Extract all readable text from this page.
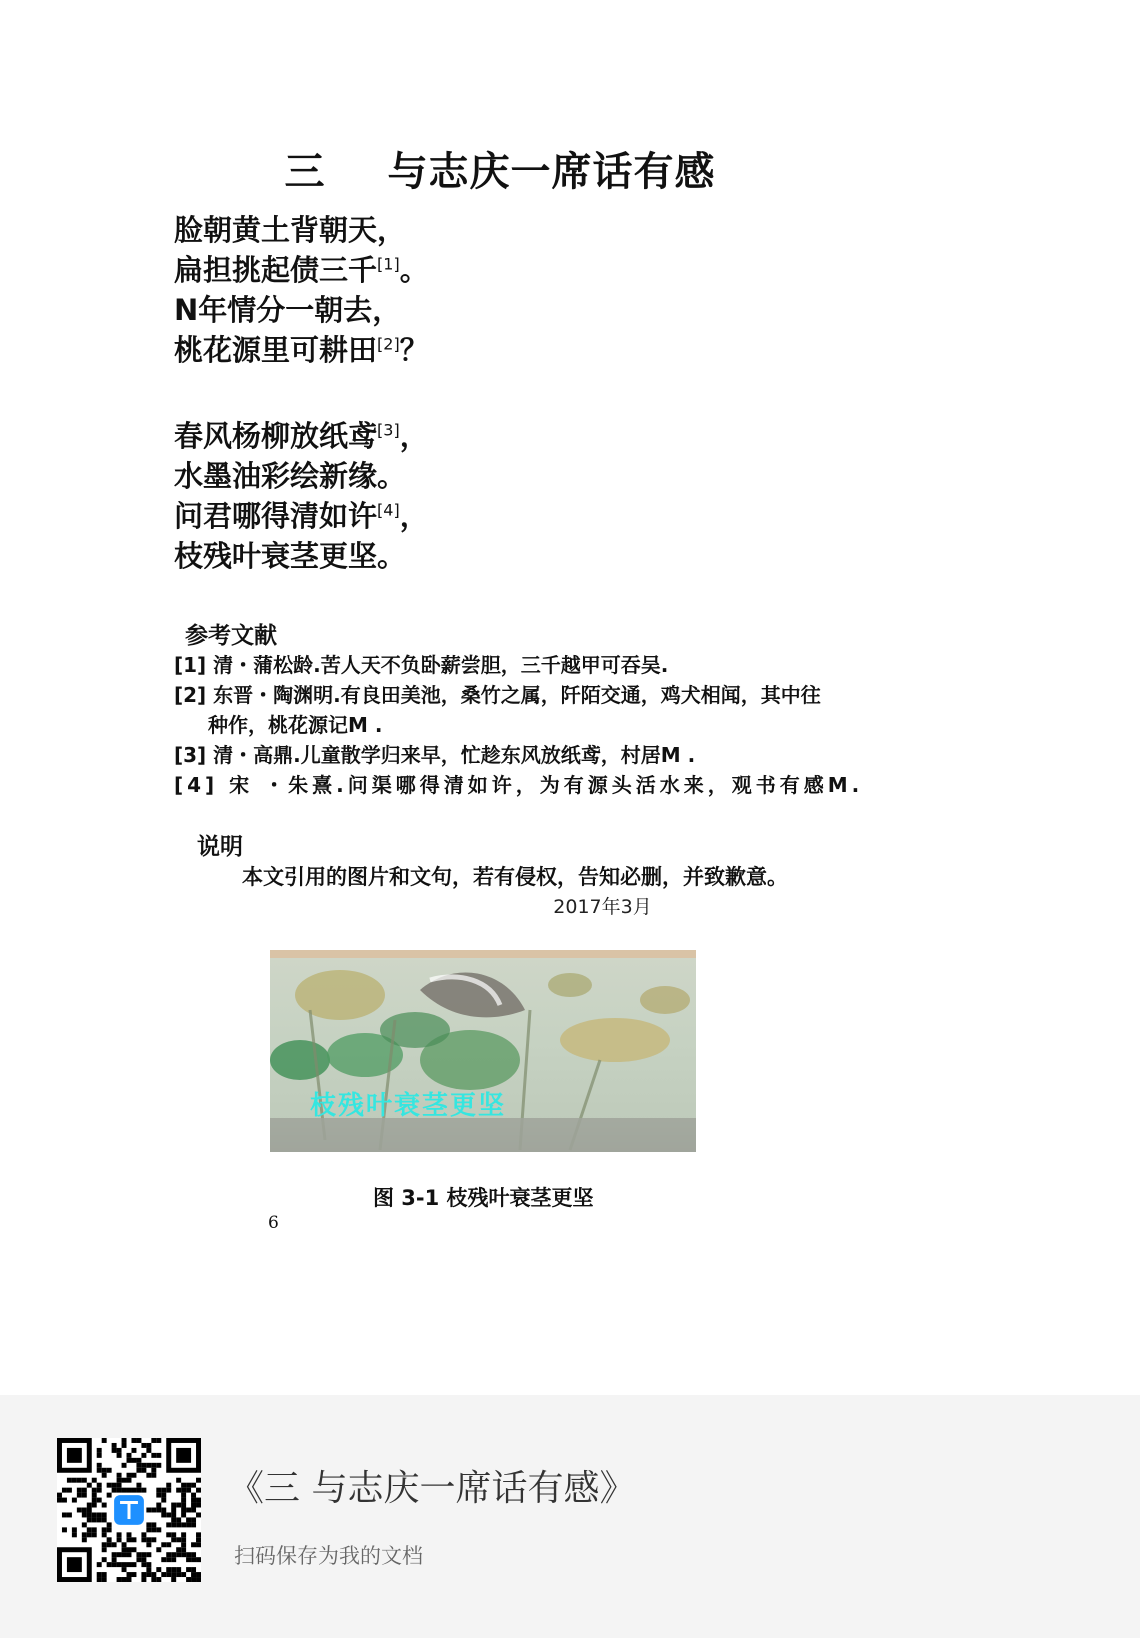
三 与志庆一席话有感
脸朝黄土背朝天，
扁担挑起债三千[1]。
N年情分一朝去，
桃花源里可耕田[2]？
春风杨柳放纸鸢[3]，
水墨油彩绘新缘。
问君哪得清如许[4]，
枝残叶衰茎更坚。
参考文献
[1] 清・蒲松龄.苦人天不负卧薪尝胆，三千越甲可吞吴.
[2] 东晋・陶渊明.有良田美池，桑竹之属，阡陌交通，鸡犬相闻，其中往
种作，桃花源记M .
[3] 清・高鼎.儿童散学归来早，忙趁东风放纸鸢，村居M .
[4] 宋 ・朱熹.问渠哪得清如许，为有源头活水来，观书有感M.
说明
本文引用的图片和文句，若有侵权，告知必删，并致歉意。
2017年3月
枝残叶衰茎更坚
图 3-1 枝残叶衰茎更坚
6
《三 与志庆一席话有感》
扫码保存为我的文档
